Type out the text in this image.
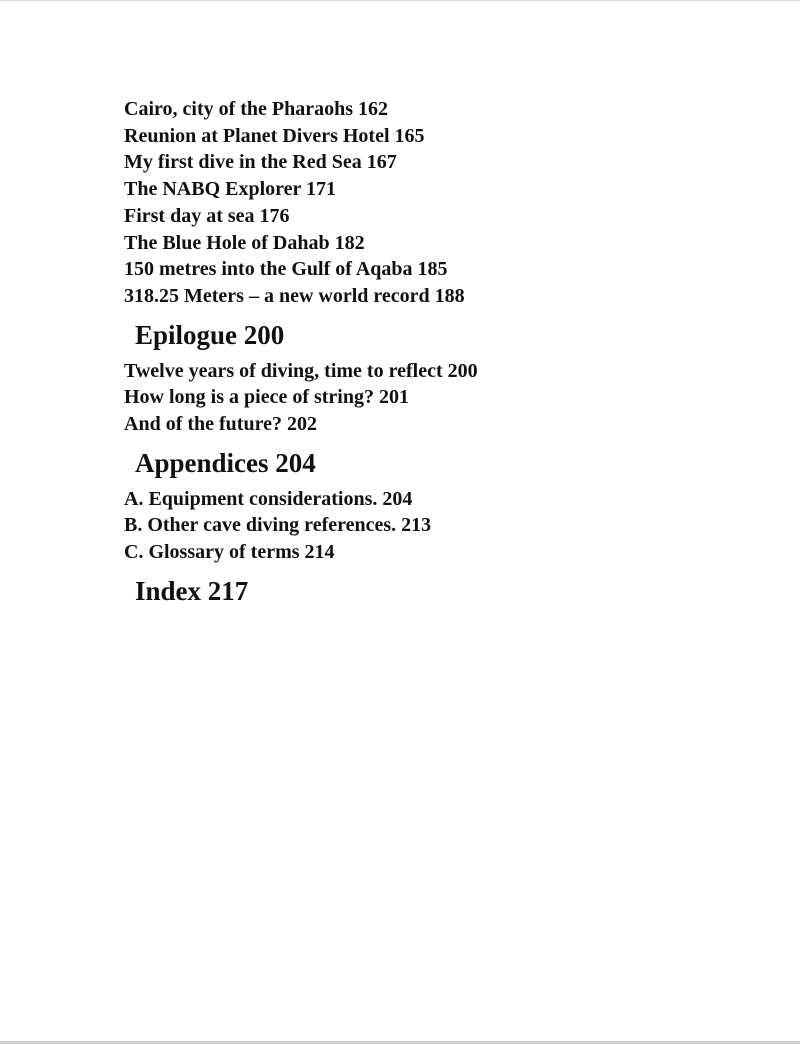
Cairo, city of the Pharaohs 162

Reunion at Planet Divers Hotel 165

My first dive in the Red Sea 167

The NABQ Explorer 171

First day at sea 176

The Blue Hole of Dahab 182

150 metres into the Gulf of Aqaba 185

318.25 Meters – a new world record 188

Epilogue 200

Twelve years of diving, time to reflect 200

How long is a piece of string? 201

And of the future? 202

Appendices 204

A. Equipment considerations. 204

B. Other cave diving references. 213

C. Glossary of terms 214

Index 217
